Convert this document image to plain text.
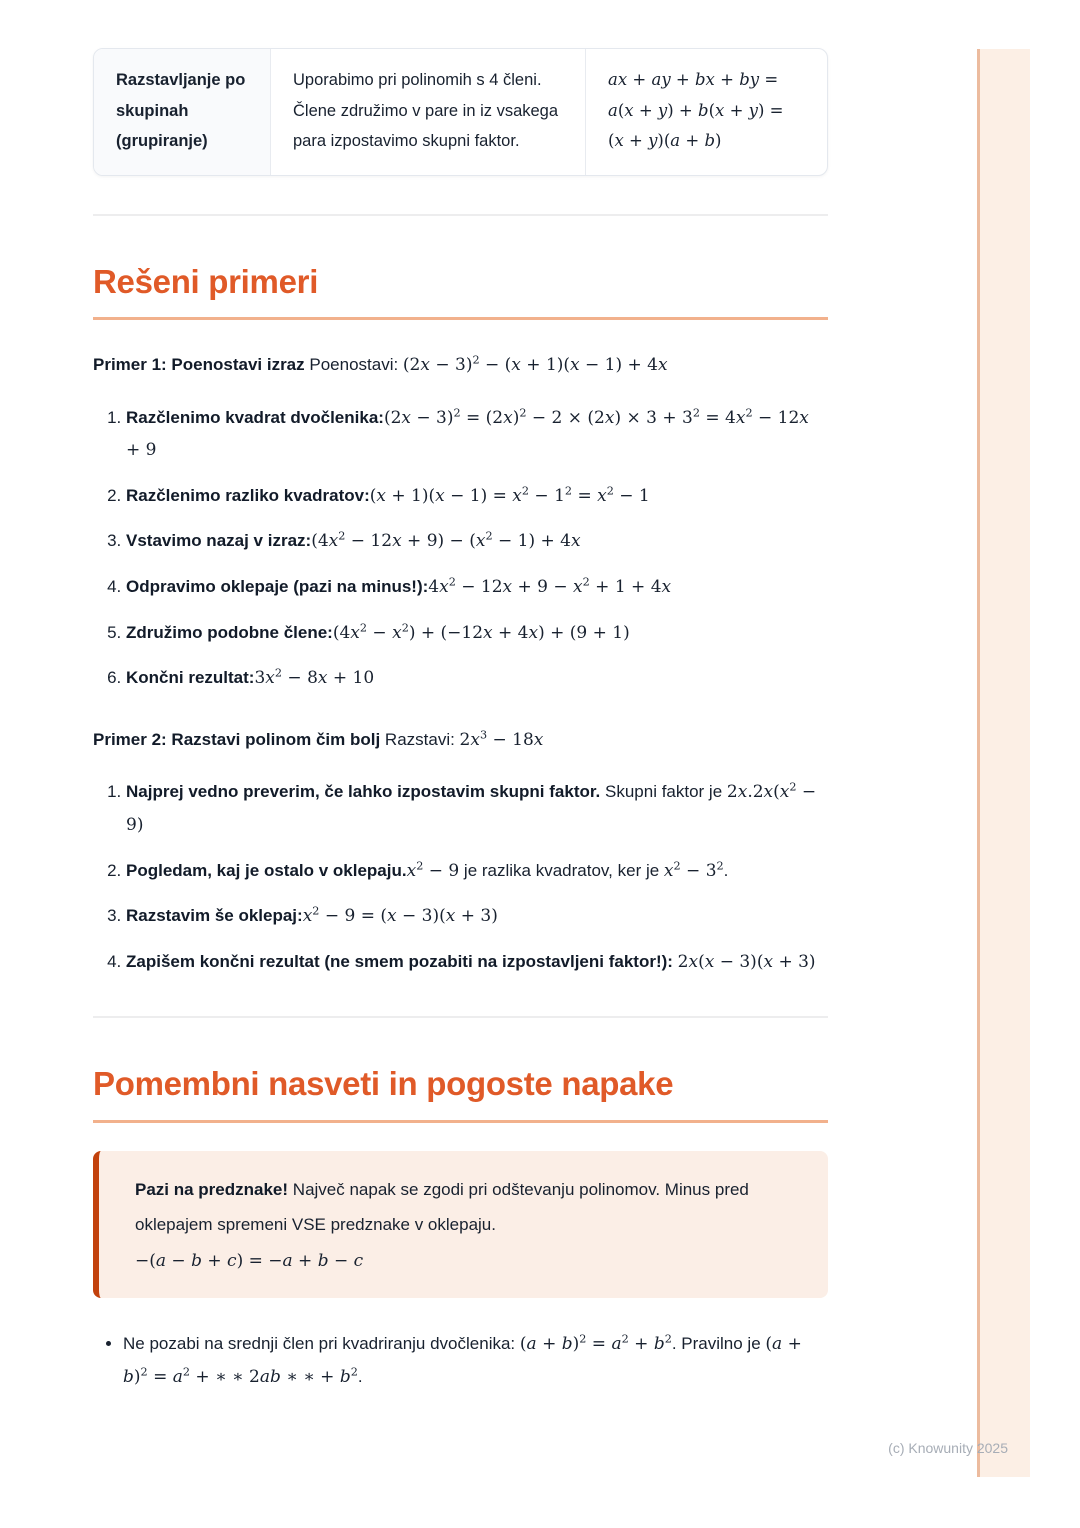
Razstavljanje po skupinah (grupiranje)
Uporabimo pri polinomih s 4 členi. Člene združimo v pare in iz vsakega para izpostavimo skupni faktor.
ax + ay + bx + by =
a(x + y) + b(x + y) =
(x + y)(a + b)
Rešeni primeri

Primer 1: Poenostavi izraz Poenostavi: $(2x - 3)^2 - (x + 1)(x - 1) + 4x$

1. Razčlenimo kvadrat dvočlenika:(2x − $3)^2 = (2x)^2 - 2 \times (2x) \times 3 + 3^2 = 4x^2 - 12x + 9$
2. Razčlenimo razliko kvadratov:(x + $1)(x - 1) = x^2 - 1^2 = x^2 - 1$
3. Vstavimo nazaj v $izraz:(4x^2 - 12x + 9) - (x^2 - 1) + 4x$
4. Odpravimo oklepaje (pazi na $minus!):4x^2 - 12x + 9 - x^2 + 1 + 4x$
5. Združimo podobne $člene:(4x^2 - x^2) + (-12x + 4x) + (9 + 1)$
6. Končni $rezultat:3x^2 - 8x + 10$

Primer 2: Razstavi polinom čim bolj Razstavi: $2x^3 - 18x$

1. Najprej vedno preverim, če lahko izpostavim skupni faktor. Skupni faktor je $2x.2x(x^2 - 9)$
2. Pogledam, kaj je ostalo v $oklepaju.x^2 - 9$ je razlika kvadratov, ker je $x^2 - 3^2$.
3. Razstavim še $oklepaj:x^2 - 9 = (x - 3)(x + 3)$
4. Zapišem končni rezultat (ne smem pozabiti na izpostavljeni faktor!): 2x(x − 3)(x + 3)
Pomembni nasveti in pogoste napake
Pazi na predznake! Največ napak se zgodi pri odštevanju polinomov. Minus pred oklepajem spremeni VSE predznake v oklepaju.
−(a − b + c) = −a + b − c
• Ne pozabi na srednji člen pri kvadriranju dvočlenika: $(a + b)^2 = a^2 + b^2$. Pravilno je $(a + b)^2 = a^2$ + ∗ ∗ 2ab ∗ ∗ + $b^2$.
(c) Knowunity 2025
